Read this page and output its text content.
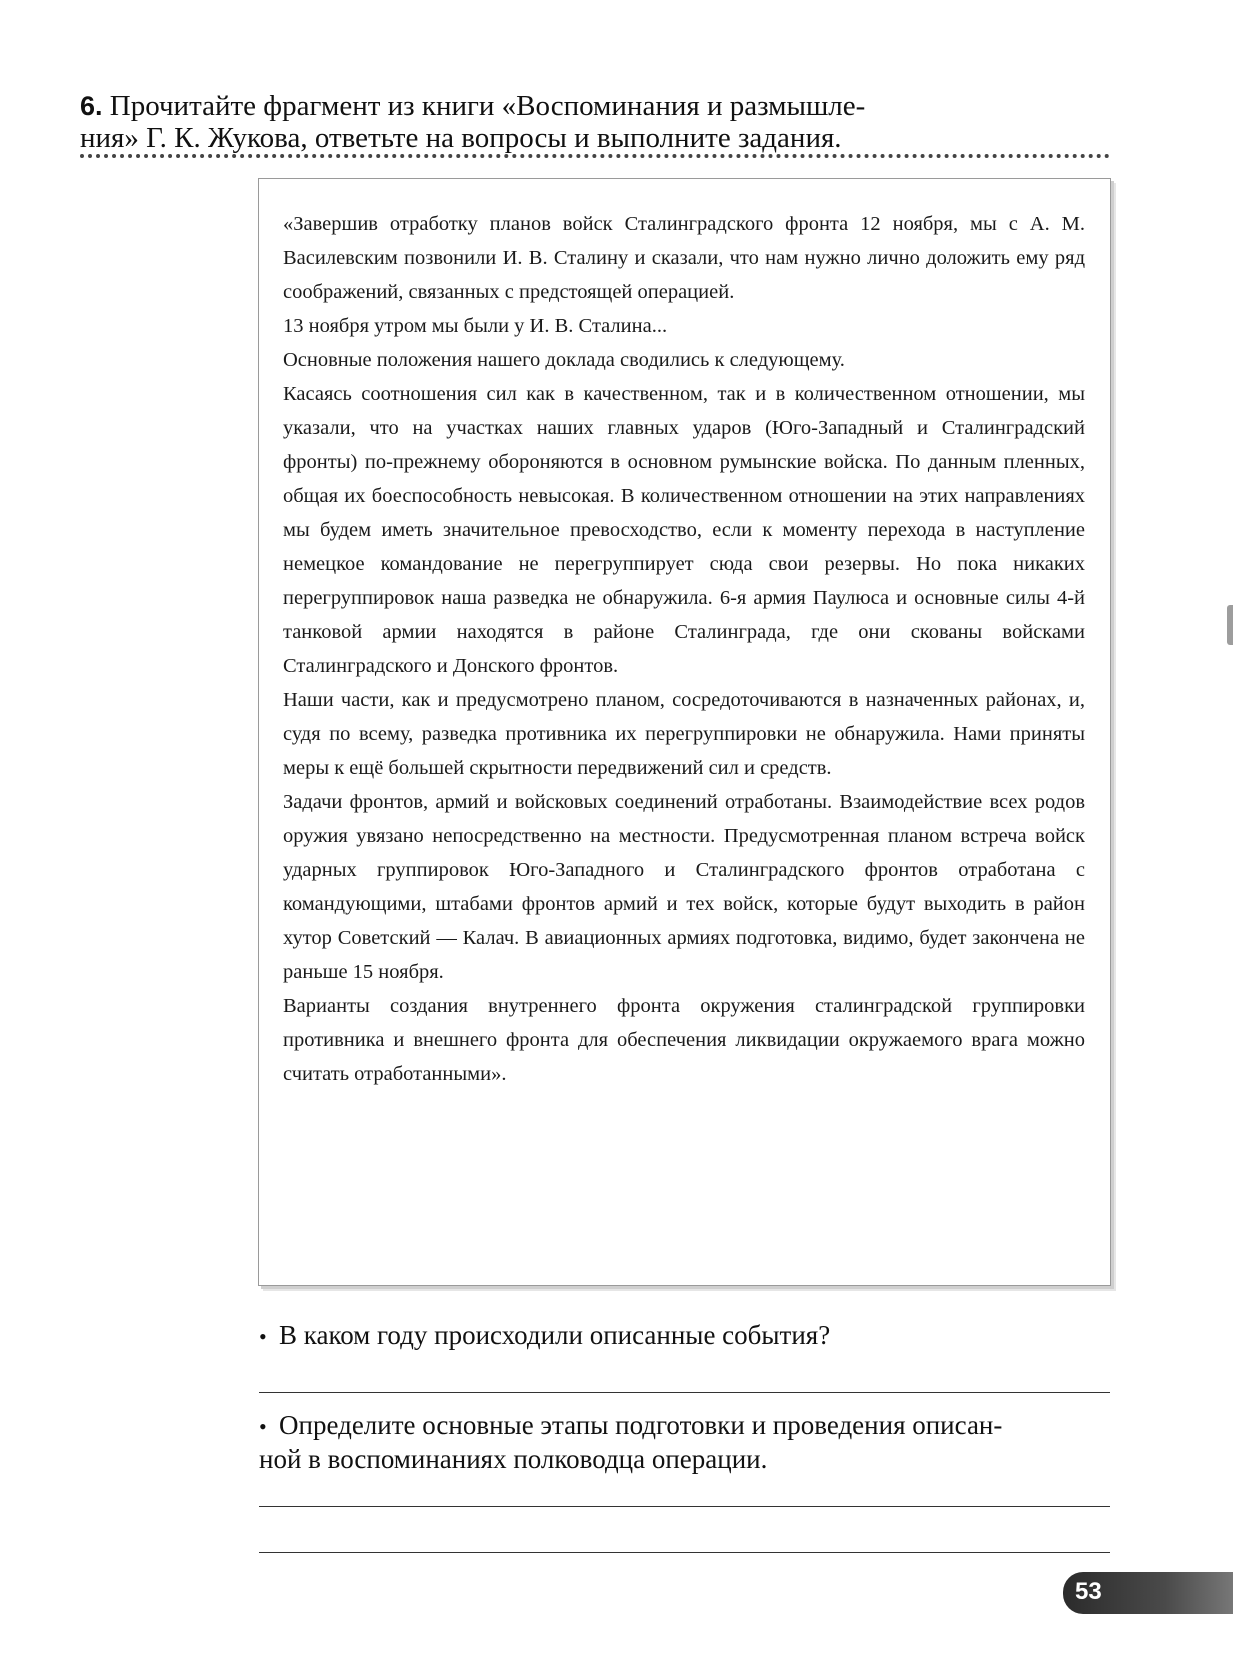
6. Прочитайте фрагмент из книги «Воспоминания и размышле-
ния» Г. К. Жукова, ответьте на вопросы и выполните задания.

«Завершив отработку планов войск Сталинградского фронта 12 ноября, мы с А. М. Василевским позвонили И. В. Сталину и сказали, что нам нужно лично доложить ему ряд соображений, связанных с предстоящей операцией.

13 ноября утром мы были у И. В. Сталина...

Основные положения нашего доклада сводились к следующему.

Касаясь соотношения сил как в качественном, так и в количественном отношении, мы указали, что на участках наших главных ударов (Юго-Западный и Сталинградский фронты) по-прежнему обороняются в основном румынские войска. По данным пленных, общая их боеспособность невысокая. В количественном отношении на этих направлениях мы будем иметь значительное превосходство, если к моменту перехода в наступление немецкое командование не перегруппирует сюда свои резервы. Но пока никаких перегруппировок наша разведка не обнаружила. 6-я армия Паулюса и основные силы 4-й танковой армии находятся в районе Сталинграда, где они скованы войсками Сталинградского и Донского фронтов.

Наши части, как и предусмотрено планом, сосредоточиваются в назначенных районах, и, судя по всему, разведка противника их перегруппировки не обнаружила. Нами приняты меры к ещё большей скрытности передвижений сил и средств.

Задачи фронтов, армий и войсковых соединений отработаны. Взаимодействие всех родов оружия увязано непосредственно на местности. Предусмотренная планом встреча войск ударных группировок Юго-Западного и Сталинградского фронтов отработана с командующими, штабами фронтов армий и тех войск, которые будут выходить в район хутор Советский — Калач. В авиационных армиях подготовка, видимо, будет закончена не раньше 15 ноября.

Варианты создания внутреннего фронта окружения сталинградской группировки противника и внешнего фронта для обеспечения ликвидации окружаемого врага можно считать отработанными».

• В каком году происходили описанные события?

• Определите основные этапы подготовки и проведения описан-
ной в воспоминаниях полководца операции.

53
